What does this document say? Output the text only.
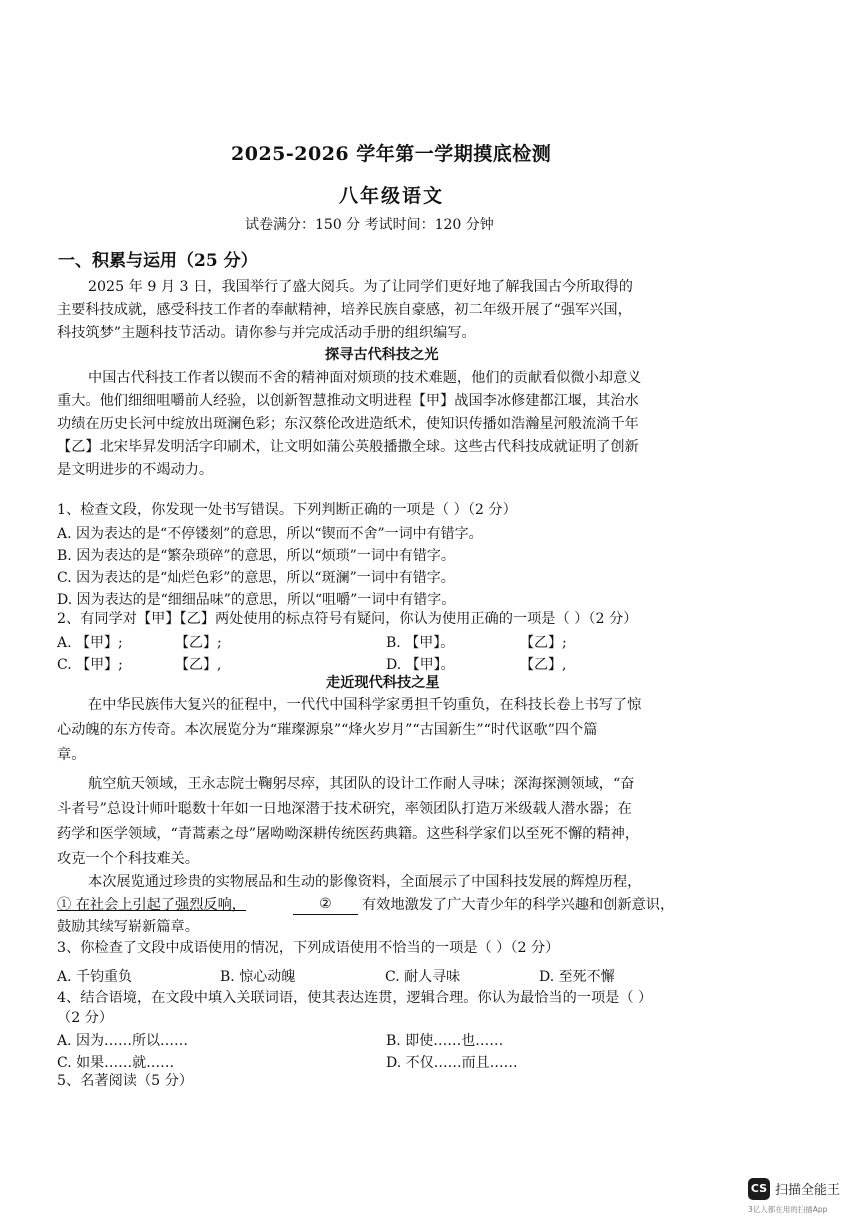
2025-2026 学年第一学期摸底检测
八年级语文
试卷满分：150 分 考试时间：120 分钟
一、积累与运用（25 分）
2025 年 9 月 3 日，我国举行了盛大阅兵。为了让同学们更好地了解我国古今所取得的
主要科技成就，感受科技工作者的奉献精神，培养民族自豪感，初二年级开展了“强军兴国，
科技筑梦”主题科技节活动。请你参与并完成活动手册的组织编写。
探寻古代科技之光
中国古代科技工作者以锲而不舍的精神面对烦琐的技术难题，他们的贡献看似微小却意义
重大。他们细细咀嚼前人经验，以创新智慧推动文明进程【甲】战国李冰修建都江堰，其治水
功绩在历史长河中绽放出斑澜色彩；东汉蔡伦改进造纸术，使知识传播如浩瀚星河般流淌千年
【乙】北宋毕昇发明活字印刷术，让文明如蒲公英般播撒全球。这些古代科技成就证明了创新
是文明进步的不竭动力。
1、检查文段，你发现一处书写错误。下列判断正确的一项是（ ）（2 分）
A. 因为表达的是“不停镂刻”的意思，所以“锲而不舍”一词中有错字。
B. 因为表达的是“繁杂琐碎”的意思，所以“烦琐”一词中有错字。
C. 因为表达的是“灿烂色彩”的意思，所以“斑澜”一词中有错字。
D. 因为表达的是“细细品味”的意思，所以“咀嚼”一词中有错字。
2、有同学对【甲】【乙】两处使用的标点符号有疑问，你认为使用正确的一项是（ ）（2 分）
A. 【甲】;	【乙】;	B. 【甲】。	【乙】;
C. 【甲】;	【乙】,	D. 【甲】。	【乙】,
走近现代科技之星
在中华民族伟大复兴的征程中，一代代中国科学家勇担千钧重负，在科技长卷上书写了惊
心动魄的东方传奇。本次展览分为“璀璨源泉”“烽火岁月”“古国新生”“时代讴歌”四个篇
章。
航空航天领域，王永志院士鞠躬尽瘁，其团队的设计工作耐人寻味；深海探测领域，“奋
斗者号”总设计师叶聪数十年如一日地深潜于技术研究，率领团队打造万米级载人潜水器；在
药学和医学领域，“青蒿素之母”屠呦呦深耕传统医药典籍。这些科学家们以至死不懈的精神，
攻克一个个科技难关。
本次展览通过珍贵的实物展品和生动的影像资料，全面展示了中国科技发展的辉煌历程，
① 在社会上引起了强烈反响，	②	有效地激发了广大青少年的科学兴趣和创新意识，
鼓励其续写崭新篇章。
3、你检查了文段中成语使用的情况，下列成语使用不恰当的一项是（ ）（2 分）
A. 千钧重负	B. 惊心动魄	C. 耐人寻味	D. 至死不懈
4、结合语境，在文段中填入关联词语，使其表达连贯，逻辑合理。你认为最恰当的一项是（ ）
（2 分）
A. 因为……所以……	B. 即使……也……
C. 如果……就……	D. 不仅……而且……
5、名著阅读（5 分）
CS 扫描全能王
3亿人都在用的扫描App
